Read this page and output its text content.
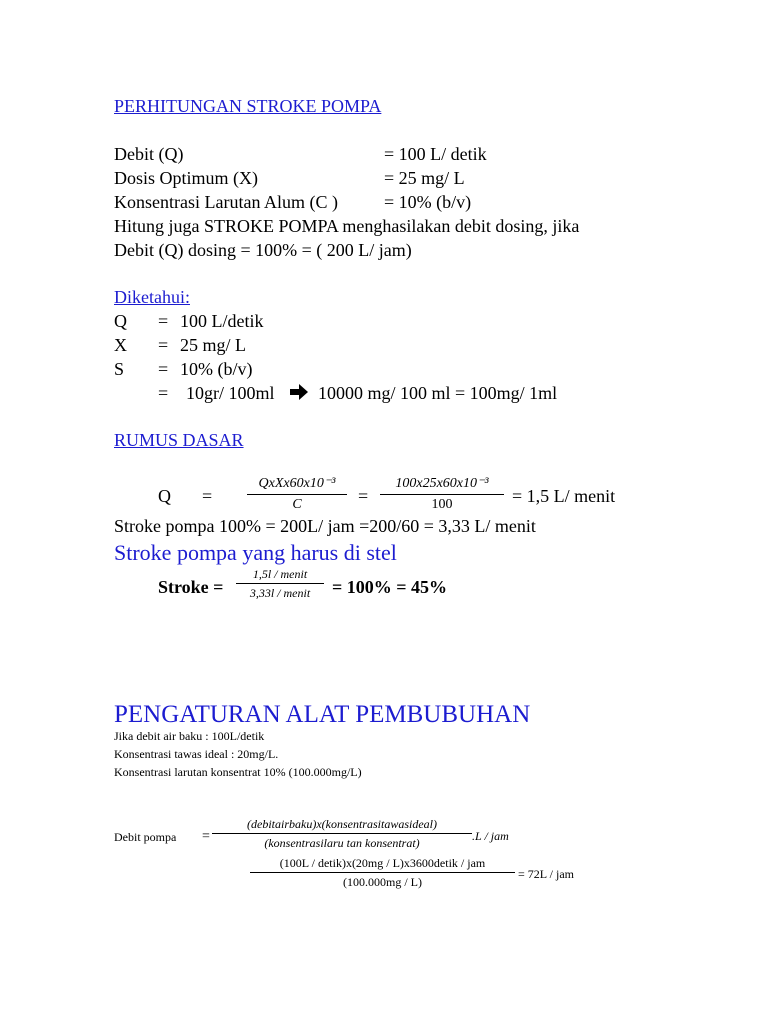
PERHITUNGAN STROKE POMPA
Debit (Q)	= 100 L/ detik
Dosis Optimum (X)	= 25 mg/ L
Konsentrasi Larutan Alum (C )	= 10% (b/v)
Hitung juga STROKE POMPA menghasilakan debit dosing, jika
Debit (Q) dosing = 100% = ( 200 L/ jam)
Diketahui:
Q = 100 L/detik
X = 25 mg/ L
S = 10% (b/v)
= 10gr/ 100ml 10000 mg/ 100 ml = 100mg/ 1ml
RUMUS DASAR
Q =
QxXx60x10⁻³
C	=
100x25x60x10⁻³
100	= 1,5 L/ menit
Stroke pompa 100% = 200L/ jam =200/60 = 3,33 L/ menit
Stroke pompa yang harus di stel
Stroke =
1,5l / menit
3,33l / menit	= 100% = 45%
PENGATURAN ALAT PEMBUBUHAN
Jika debit air baku : 100L/detik
Konsentrasi tawas ideal : 20mg/L.
Konsentrasi larutan konsentrat 10% (100.000mg/L)
Debit pompa =
(debitairbaku)x(konsentrasitawasideal)
(konsentrasilaru tan konsentrat)	.L / jam
(100L / detik)x(20mg / L)x3600detik / jam
(100.000mg / L)
= 72L / jam
